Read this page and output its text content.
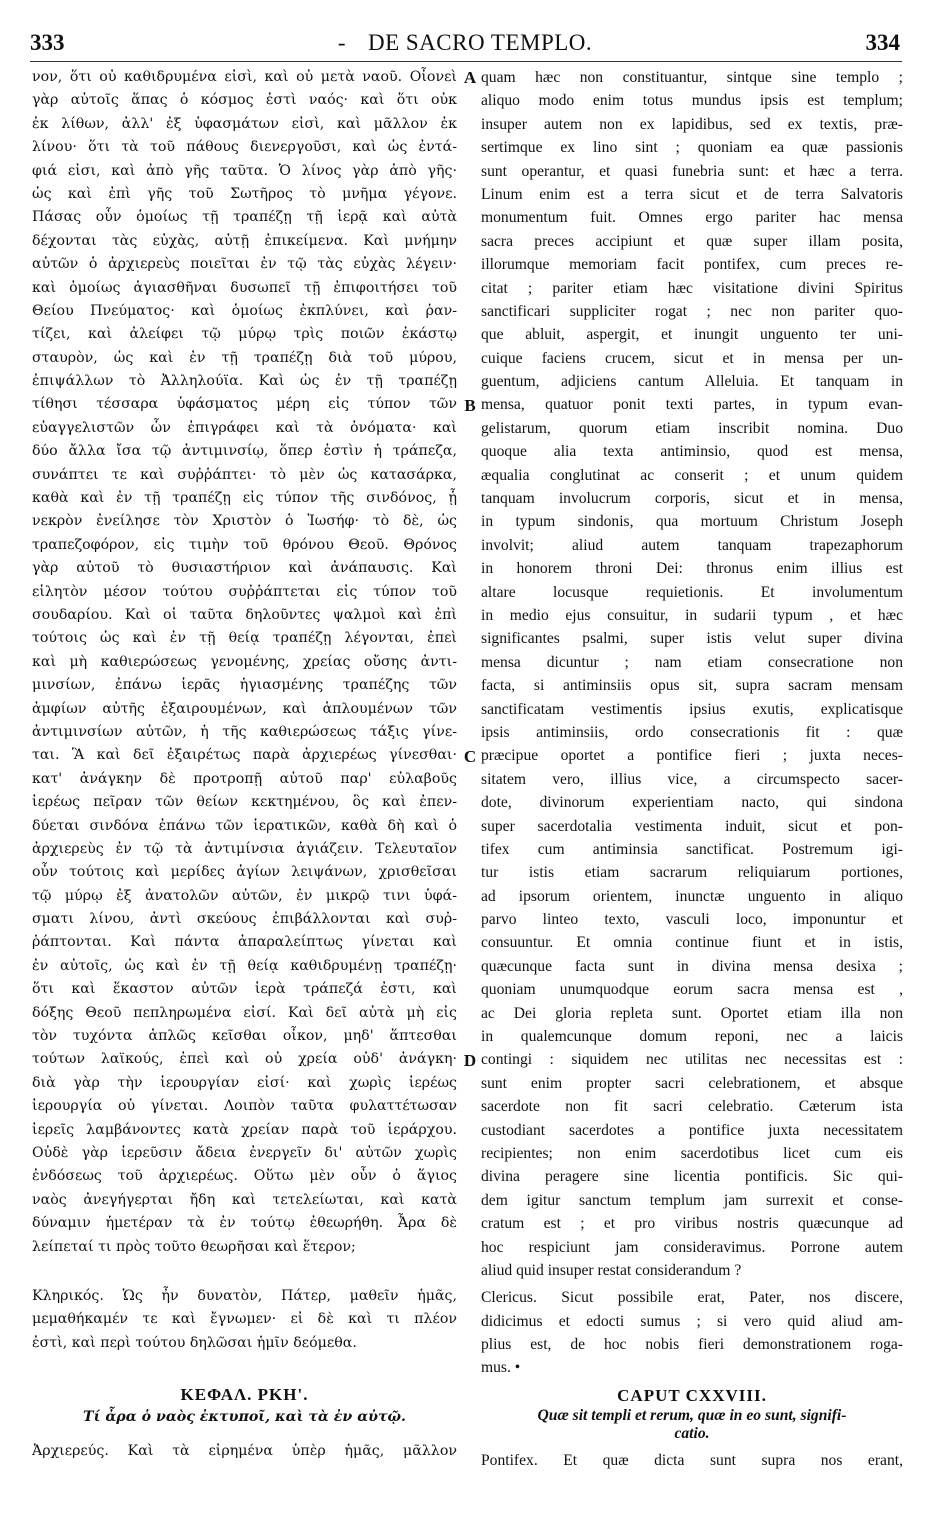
333	- DE SACRO TEMPLO.	334
νον, ὅτι οὐ καθιδρυμένα εἰσὶ, καὶ οὐ μετὰ ναοῦ. Οἶονεὶ
γὰρ αὐτοῖς ἅπας ὁ κόσμος ἐστὶ ναός· καὶ ὅτι οὐκ
ἐκ λίθων, ἀλλ' ἐξ ὑφασμάτων εἰσὶ, καὶ μᾶλλον ἐκ
λίνου· ὅτι τὰ τοῦ πάθους διενεργοῦσι, καὶ ὡς ἐντά-
φιά εἰσι, καὶ ἀπὸ γῆς ταῦτα. Ὁ λίνος γὰρ ἀπὸ γῆς·
ὡς καὶ ἐπὶ γῆς τοῦ Σωτῆρος τὸ μνῆμα γέγονε.
Πάσας οὖν ὁμοίως τῇ τραπέζῃ τῇ ἱερᾷ καὶ αὐτὰ
δέχονται τὰς εὐχὰς, αὐτῇ ἐπικείμενα. Καὶ μνήμην
αὐτῶν ὁ ἀρχιερεὺς ποιεῖται ἐν τῷ τὰς εὐχὰς λέγειν·
καὶ ὁμοίως ἁγιασθῆναι δυσωπεῖ τῇ ἐπιφοιτήσει τοῦ
Θείου Πνεύματος· καὶ ὁμοίως ἐκπλύνει, καὶ ῥαν-
τίζει, καὶ ἀλείφει τῷ μύρῳ τρὶς ποιῶν ἑκάστῳ
σταυρὸν, ὡς καὶ ἐν τῇ τραπέζῃ διὰ τοῦ μύρου,
ἐπιψάλλων τὸ Ἀλληλούϊα. Καὶ ὡς ἐν τῇ τραπέζῃ
τίθησι τέσσαρα ὑφάσματος μέρη εἰς τύπον τῶν
εὐαγγελιστῶν ὧν ἐπιγράφει καὶ τὰ ὀνόματα· καὶ
δύο ἄλλα ἴσα τῷ ἀντιμινσίῳ, ὅπερ ἐστὶν ἡ τράπεζα,
συνάπτει τε καὶ συῤῥάπτει· τὸ μὲν ὡς κατασάρκα,
καθὰ καὶ ἐν τῇ τραπέζῃ εἰς τύπον τῆς σινδόνος, ᾗ
νεκρὸν ἐνείλησε τὸν Χριστὸν ὁ Ἰωσήφ· τὸ δὲ, ὡς
τραπεζοφόρον, εἰς τιμὴν τοῦ θρόνου Θεοῦ. Θρόνος
γὰρ αὐτοῦ τὸ θυσιαστήριον καὶ ἀνάπαυσις. Καὶ
εἱλητὸν μέσον τούτου συῤῥάπτεται εἰς τύπον τοῦ
σουδαρίου. Καὶ οἱ ταῦτα δηλοῦντες ψαλμοὶ καὶ ἐπὶ
τούτοις ὡς καὶ ἐν τῇ θείᾳ τραπέζῃ λέγονται, ἐπεὶ
καὶ μὴ καθιερώσεως γενομένης, χρείας οὔσης ἀντι-
μινσίων, ἐπάνω ἱερᾶς ἡγιασμένης τραπέζης τῶν
ἀμφίων αὐτῆς ἐξαιρουμένων, καὶ ἁπλουμένων τῶν
ἀντιμινσίων αὐτῶν, ἡ τῆς καθιερώσεως τάξις γίνε-
ται. Ἃ καὶ δεῖ ἐξαιρέτως παρὰ ἀρχιερέως γίνεσθαι·
κατ' ἀνάγκην δὲ προτροπῇ αὐτοῦ παρ' εὐλαβοῦς
ἱερέως πεῖραν τῶν θείων κεκτημένου, ὃς καὶ ἐπεν-
δύεται σινδόνα ἐπάνω τῶν ἱερατικῶν, καθὰ δὴ καὶ ὁ
ἀρχιερεὺς ἐν τῷ τὰ ἀντιμίνσια ἁγιάζειν. Τελευταῖον
οὖν τούτοις καὶ μερίδες ἁγίων λειψάνων, χρισθεῖσαι
τῷ μύρῳ ἐξ ἀνατολῶν αὐτῶν, ἐν μικρῷ τινι ὑφά-
σματι λίνου, ἀντὶ σκεύους ἐπιβάλλονται καὶ συῤ-
ῥάπτονται. Καὶ πάντα ἀπαραλείπτως γίνεται καὶ
ἐν αὐτοῖς, ὡς καὶ ἐν τῇ θείᾳ καθιδρυμένῃ τραπέζῃ·
ὅτι καὶ ἕκαστον αὐτῶν ἱερὰ τράπεζά ἐστι, καὶ
δόξης Θεοῦ πεπληρωμένα εἰσί. Καὶ δεῖ αὐτὰ μὴ εἰς
τὸν τυχόντα ἁπλῶς κεῖσθαι οἶκον, μηδ' ἅπτεσθαι
τούτων λαϊκούς, ἐπεὶ καὶ οὐ χρεία οὐδ' ἀνάγκη·
διὰ γὰρ τὴν ἱερουργίαν εἰσί· καὶ χωρὶς ἱερέως
ἱερουργία οὐ γίνεται. Λοιπὸν ταῦτα φυλαττέτωσαν
ἱερεῖς λαμβάνοντες κατὰ χρείαν παρὰ τοῦ ἱεράρχου.
Οὐδὲ γὰρ ἱερεῦσιν ἄδεια ἐνεργεῖν δι' αὐτῶν χωρὶς
ἐνδόσεως τοῦ ἀρχιερέως. Οὕτω μὲν οὖν ὁ ἅγιος
ναὸς ἀνεγήγερται ἤδη καὶ τετελείωται, καὶ κατὰ
δύναμιν ἡμετέραν τὰ ἐν τούτῳ ἐθεωρήθη. Ἆρα δὲ
λείπεταί τι πρὸς τοῦτο θεωρῆσαι καὶ ἕτερον;
Κληρικός. Ὡς ἦν δυνατὸν, Πάτερ, μαθεῖν ἡμᾶς,
μεμαθήκαμέν τε καὶ ἔγνωμεν· εἰ δὲ καὶ τι πλέον
ἐστὶ, καὶ περὶ τούτου δηλῶσαι ἡμῖν δεόμεθα.
ΚΕΦΑΛ. ΡΚΗ'.
Τί ἆρα ὁ ναὸς ἐκτυποῖ, καὶ τὰ ἐν αὐτῷ.
Ἀρχιερεύς. Καὶ τὰ εἰρημένα ὑπὲρ ἡμᾶς, μᾶλλον
A
B
C
D
quam hæc non constituantur, sintque sine templo ;
aliquo modo enim totus mundus ipsis est templum;
insuper autem non ex lapidibus, sed ex textis, præ-
sertimque ex lino sint ; quoniam ea quæ passionis
sunt operantur, et quasi funebria sunt: et hæc a terra.
Linum enim est a terra sicut et de terra Salvatoris
monumentum fuit. Omnes ergo pariter hac mensa
sacra preces accipiunt et quæ super illam posita,
illorumque memoriam facit pontifex, cum preces re-
citat ; pariter etiam hæc visitatione divini Spiritus
sanctificari suppliciter rogat ; nec non pariter quo-
que abluit, aspergit, et inungit unguento ter uni-
cuique faciens crucem, sicut et in mensa per un-
guentum, adjiciens cantum Alleluia. Et tanquam in
mensa, quatuor ponit texti partes, in typum evan-
gelistarum, quorum etiam inscribit nomina. Duo
quoque alia texta antiminsio, quod est mensa,
æqualia conglutinat ac conserit ; et unum quidem
tanquam involucrum corporis, sicut et in mensa,
in typum sindonis, qua mortuum Christum Joseph
involvit; aliud autem tanquam trapezaphorum
in honorem throni Dei: thronus enim illius est
altare locusque requietionis. Et involumentum
in medio ejus consuitur, in sudarii typum , et hæc
significantes psalmi, super istis velut super divina
mensa dicuntur ; nam etiam consecratione non
facta, si antiminsiis opus sit, supra sacram mensam
sanctificatam vestimentis ipsius exutis, explicatisque
ipsis antiminsiis, ordo consecrationis fit : quæ
præcipue oportet a pontifice fieri ; juxta neces-
sitatem vero, illius vice, a circumspecto sacer-
dote, divinorum experientiam nacto, qui sindona
super sacerdotalia vestimenta induit, sicut et pon-
tifex cum antiminsia sanctificat. Postremum igi-
tur istis etiam sacrarum reliquiarum portiones,
ad ipsorum orientem, inunctæ unguento in aliquo
parvo linteo texto, vasculi loco, imponuntur et
consuuntur. Et omnia continue fiunt et in istis,
quæcunque facta sunt in divina mensa desixa ;
quoniam unumquodque eorum sacra mensa est ,
ac Dei gloria repleta sunt. Oportet etiam illa non
in qualemcunque domum reponi, nec a laicis
contingi : siquidem nec utilitas nec necessitas est :
sunt enim propter sacri celebrationem, et absque
sacerdote non fit sacri celebratio. Cæterum ista
custodiant sacerdotes a pontifice juxta necessitatem
recipientes; non enim sacerdotibus licet cum eis
divina peragere sine licentia pontificis. Sic qui-
dem igitur sanctum templum jam surrexit et conse-
cratum est ; et pro viribus nostris quæcunque ad
hoc respiciunt jam consideravimus. Porrone autem
aliud quid insuper restat considerandum ?
Clericus. Sicut possibile erat, Pater, nos discere,
didicimus et edocti sumus ; si vero quid aliud am-
plius est, de hoc nobis fieri demonstrationem roga-
mus. •
CAPUT CXXVIII.
Quæ sit templi et rerum, quæ in eo sunt, signifi-
catio.
Pontifex. Et quæ dicta sunt supra nos erant,
